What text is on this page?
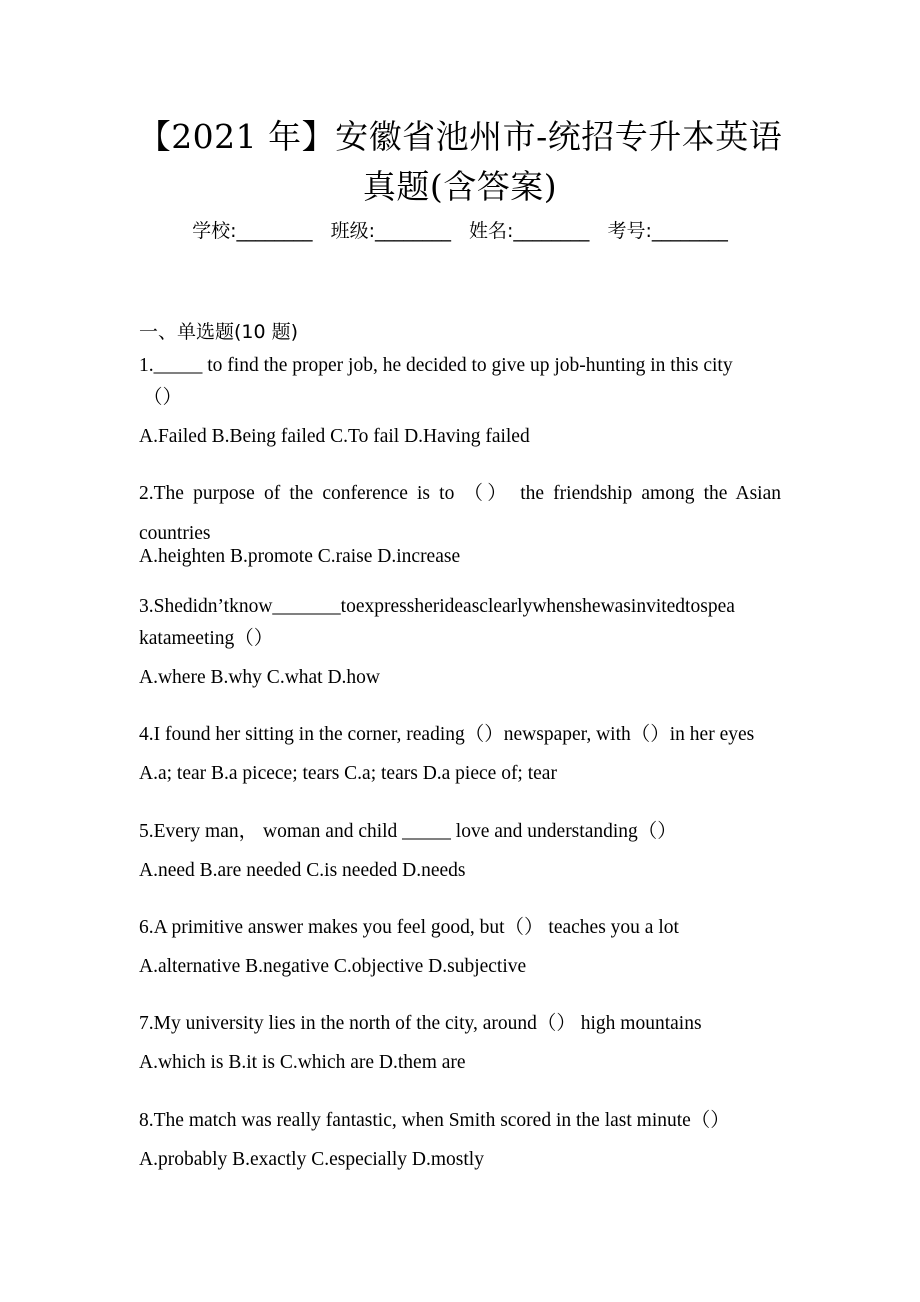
【2021 年】安徽省池州市-统招专升本英语
真题(含答案)
学校:________ 班级:________ 姓名:________ 考号:________
一、单选题(10 题)
1._____ to find the proper job, he decided to give up job-hunting in this city
（）
A.Failed B.Being failed C.To fail D.Having failed
2.The purpose of the conference is to （） the friendship among the Asian
countries
A.heighten B.promote C.raise D.increase
3.Shedidn’tknow_______toexpressherideasclearlywhenshewasinvitedtospea
katameeting（）
A.where B.why C.what D.how
4.I found her sitting in the corner, reading（）newspaper, with（）in her eyes
A.a; tear B.a picece; tears C.a; tears D.a piece of; tear
5.Every man， woman and child _____ love and understanding（）
A.need B.are needed C.is needed D.needs
6.A primitive answer makes you feel good, but（） teaches you a lot
A.alternative B.negative C.objective D.subjective
7.My university lies in the north of the city, around（） high mountains
A.which is B.it is C.which are D.them are
8.The match was really fantastic, when Smith scored in the last minute（）
A.probably B.exactly C.especially D.mostly
